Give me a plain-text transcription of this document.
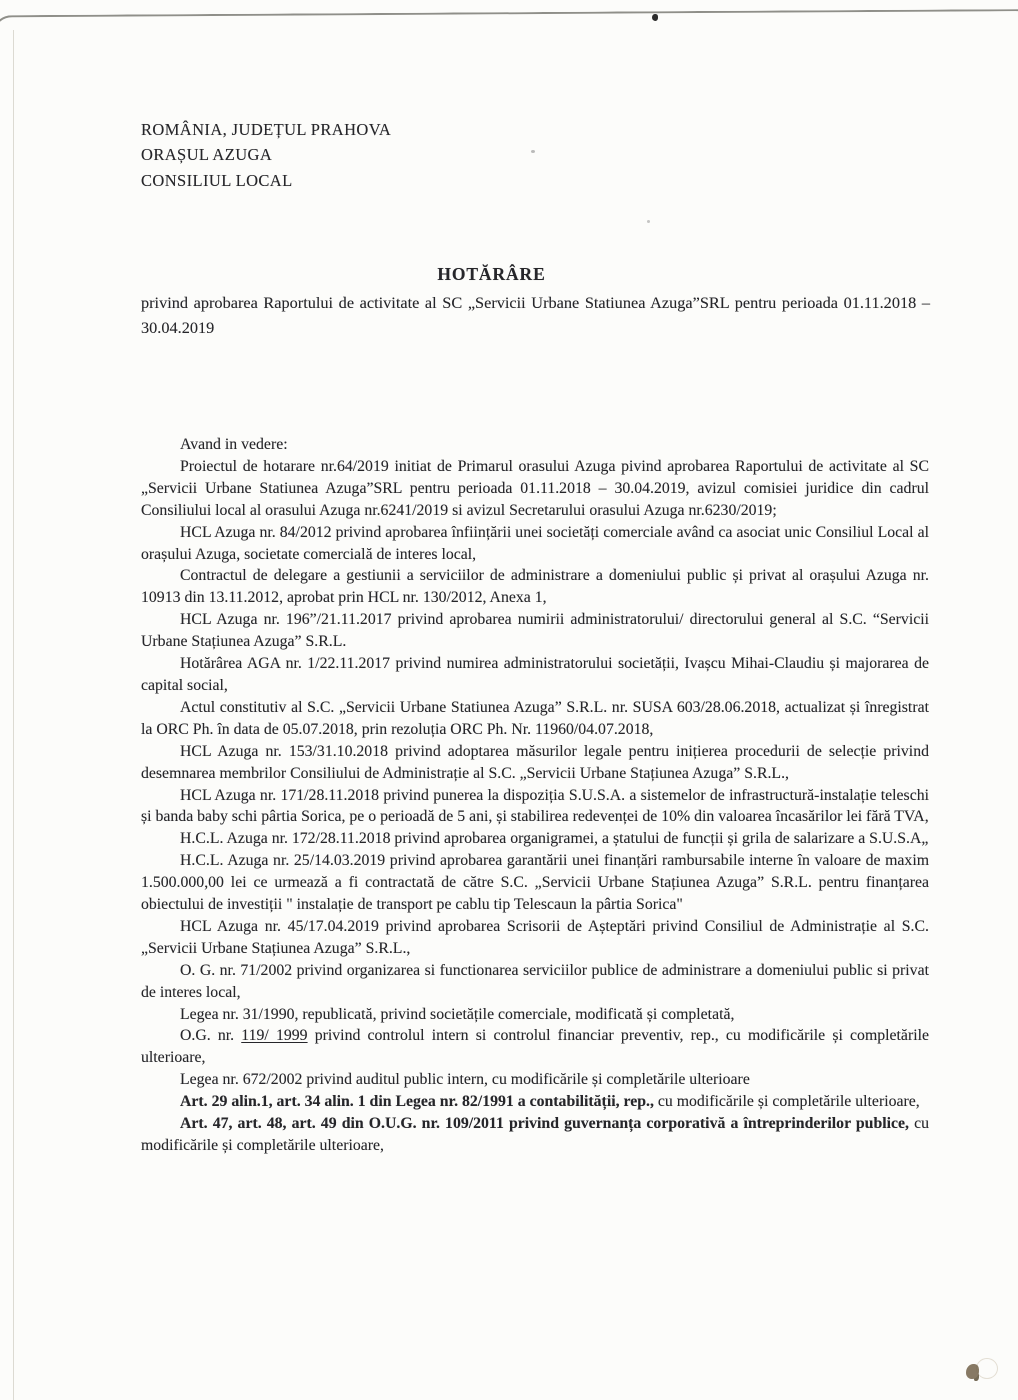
ROMÂNIA, JUDEȚUL PRAHOVA
ORAȘUL AZUGA
CONSILIUL LOCAL
HOTĂRÂRE

privind aprobarea Raportului de activitate al SC „Servicii Urbane Statiunea Azuga”SRL pentru perioada 01.11.2018 – 30.04.2019

Avand in vedere:

Proiectul de hotarare nr.64/2019 initiat de Primarul orasului Azuga pivind aprobarea Raportului de activitate al SC „Servicii Urbane Statiunea Azuga”SRL pentru perioada 01.11.2018 – 30.04.2019, avizul comisiei juridice din cadrul Consiliului local al orasului Azuga nr.6241/2019 si avizul Secretarului orasului Azuga nr.6230/2019;

HCL Azuga nr. 84/2012 privind aprobarea înființării unei societăți comerciale având ca asociat unic Consiliul Local al orașului Azuga, societate comercială de interes local,

Contractul de delegare a gestiunii a serviciilor de administrare a domeniului public și privat al orașului Azuga nr. 10913 din 13.11.2012, aprobat prin HCL nr. 130/2012, Anexa 1,

HCL Azuga nr. 196”/21.11.2017 privind aprobarea numirii administratorului/ directorului general al S.C. “Servicii Urbane Stațiunea Azuga” S.R.L.

Hotărârea AGA nr. 1/22.11.2017 privind numirea administratorului societății, Ivașcu Mihai-Claudiu și majorarea de capital social,

Actul constitutiv al S.C. „Servicii Urbane Statiunea Azuga” S.R.L. nr. SUSA 603/28.06.2018, actualizat și înregistrat la ORC Ph. în data de 05.07.2018, prin rezoluția ORC Ph. Nr. 11960/04.07.2018,

HCL Azuga nr. 153/31.10.2018 privind adoptarea măsurilor legale pentru inițierea procedurii de selecție privind desemnarea membrilor Consiliului de Administrație al S.C. „Servicii Urbane Stațiunea Azuga” S.R.L.,

HCL Azuga nr. 171/28.11.2018 privind punerea la dispoziția S.U.S.A. a sistemelor de infrastructură-instalație teleschi și banda baby schi pârtia Sorica, pe o perioadă de 5 ani, și stabilirea redevenței de 10% din valoarea încasărilor lei fără TVA,

H.C.L. Azuga nr. 172/28.11.2018 privind aprobarea organigramei, a ștatului de funcții și grila de salarizare a S.U.S.A„

H.C.L. Azuga nr. 25/14.03.2019 privind aprobarea garantării unei finanțări rambursabile interne în valoare de maxim 1.500.000,00 lei ce urmează a fi contractată de către S.C. „Servicii Urbane Stațiunea Azuga” S.R.L. pentru finanțarea obiectului de investiții " instalație de transport pe cablu tip Telescaun la pârtia Sorica"

HCL Azuga nr. 45/17.04.2019 privind aprobarea Scrisorii de Așteptări privind Consiliul de Administrație al S.C. „Servicii Urbane Stațiunea Azuga” S.R.L.,

O. G. nr. 71/2002 privind organizarea si functionarea serviciilor publice de administrare a domeniului public si privat de interes local,

Legea nr. 31/1990, republicată, privind societățile comerciale, modificată și completată,

O.G. nr. 119/ 1999 privind controlul intern si controlul financiar preventiv, rep., cu modificările și completările ulterioare,

Legea nr. 672/2002 privind auditul public intern, cu modificările și completările ulterioare

Art. 29 alin.1, art. 34 alin. 1 din Legea nr. 82/1991 a contabilității, rep., cu modificările și completările ulterioare,

Art. 47, art. 48, art. 49 din O.U.G. nr. 109/2011 privind guvernanța corporativă a întreprinderilor publice, cu modificările și completările ulterioare,
